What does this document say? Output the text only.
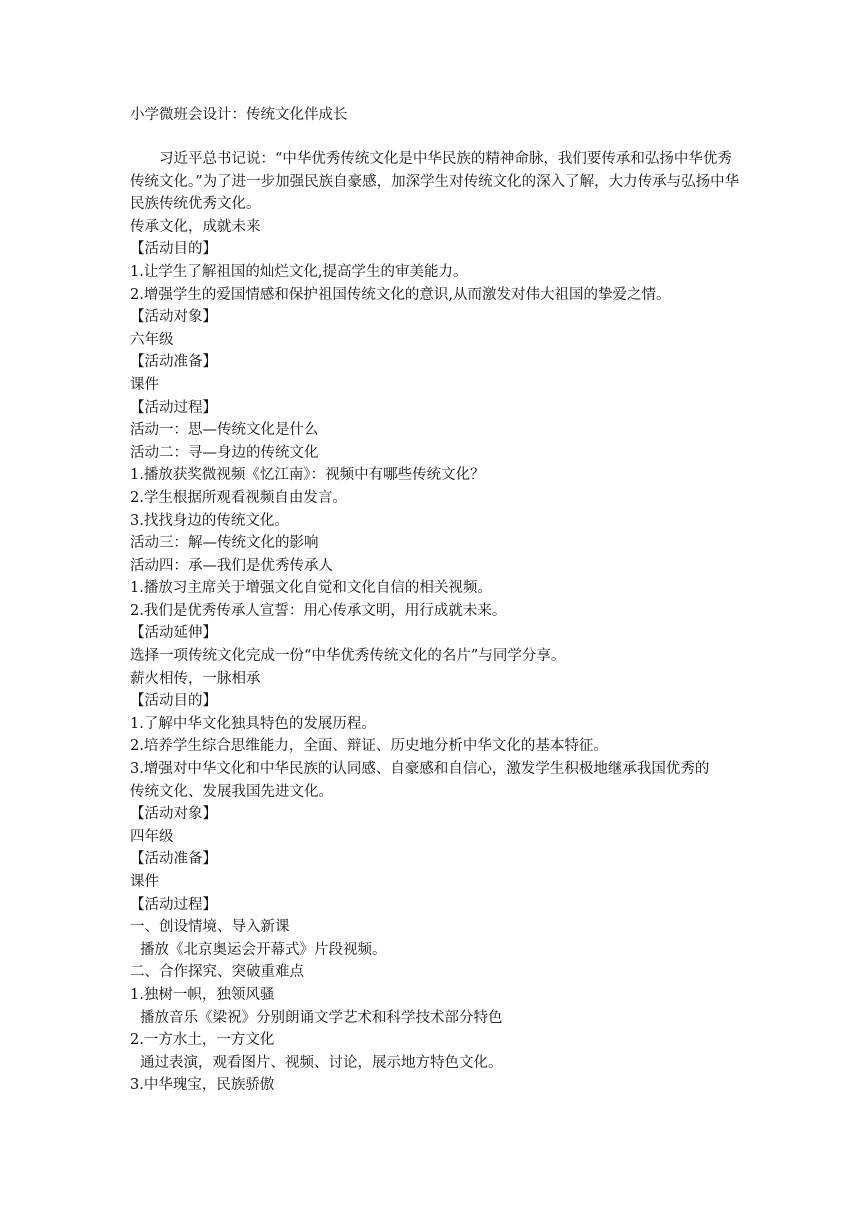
小学微班会设计：传统文化伴成长

习近平总书记说：“中华优秀传统文化是中华民族的精神命脉，我们要传承和弘扬中华优秀传统文化。”为了进一步加强民族自豪感，加深学生对传统文化的深入了解，大力传承与弘扬中华民族传统优秀文化。

传承文化，成就未来

【活动目的】

1.让学生了解祖国的灿烂文化,提高学生的审美能力。

2.增强学生的爱国情感和保护祖国传统文化的意识,从而激发对伟大祖国的挚爱之情。

【活动对象】

六年级

【活动准备】

课件

【活动过程】

活动一：思—传统文化是什么

活动二：寻—身边的传统文化

1.播放获奖微视频《忆江南》：视频中有哪些传统文化？

2.学生根据所观看视频自由发言。

3.找找身边的传统文化。

活动三：解—传统文化的影响

活动四：承—我们是优秀传承人

1.播放习主席关于增强文化自觉和文化自信的相关视频。

2.我们是优秀传承人宣誓：用心传承文明，用行成就未来。

【活动延伸】

选择一项传统文化完成一份“中华优秀传统文化的名片”与同学分享。

薪火相传，一脉相承

【活动目的】

1.了解中华文化独具特色的发展历程。

2.培养学生综合思维能力，全面、辩证、历史地分析中华文化的基本特征。

3.增强对中华文化和中华民族的认同感、自豪感和自信心，激发学生积极地继承我国优秀的

传统文化、发展我国先进文化。

【活动对象】

四年级

【活动准备】

课件

【活动过程】

一、创设情境、导入新课

播放《北京奥运会开幕式》片段视频。

二、合作探究、突破重难点

1.独树一帜，独领风骚

播放音乐《梁祝》分别朗诵文学艺术和科学技术部分特色

2.一方水土，一方文化

通过表演，观看图片、视频、讨论，展示地方特色文化。

3.中华瑰宝，民族骄傲
